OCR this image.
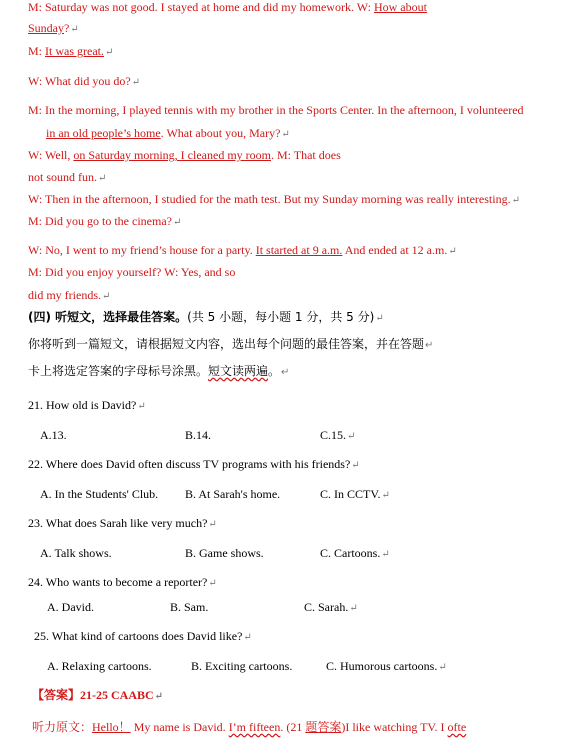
M: Saturday was not good. I stayed at home and did my homework. W: How about
Sunday?↵
M: It was great.↵
W: What did you do?↵
M: In the morning, I played tennis with my brother in the Sports Center. In the afternoon, I volunteered
in an old people’s home. What about you, Mary?↵
W: Well, on Saturday morning, I cleaned my room. M: That does
not sound fun.↵
W: Then in the afternoon, I studied for the math test. But my Sunday morning was really interesting.↵
M: Did you go to the cinema?↵
W: No, I went to my friend’s house for a party. It started at 9 a.m. And ended at 12 a.m.↵
M: Did you enjoy yourself? W: Yes, and so
did my friends.↵
(四) 听短文，选择最佳答案。(共 5 小题，每小题 1 分，共 5 分)↵
你将听到一篇短文，请根据短文内容，选出每个问题的最佳答案，并在答题↵
卡上将选定答案的字母标号涂黑。短文读两遍。↵
21. How old is David?↵
A.13.	B.14.	C.15.↵
22. Where does David often discuss TV programs with his friends?↵
A. In the Students' Club. B. At Sarah's home.	C. In CCTV.↵
23. What does Sarah like very much?↵
A. Talk shows.	B. Game shows.	C. Cartoons.↵
24. Who wants to become a reporter?↵
A. David.	B. Sam.	C. Sarah.↵
25. What kind of cartoons does David like?↵
A. Relaxing cartoons.	B. Exciting cartoons.	C. Humorous cartoons.↵
【答案】21-25 CAABC↵
听力原文：Hello！ My name is David. I’m fifteen. (21 题答案)I like watching TV. I ofte
